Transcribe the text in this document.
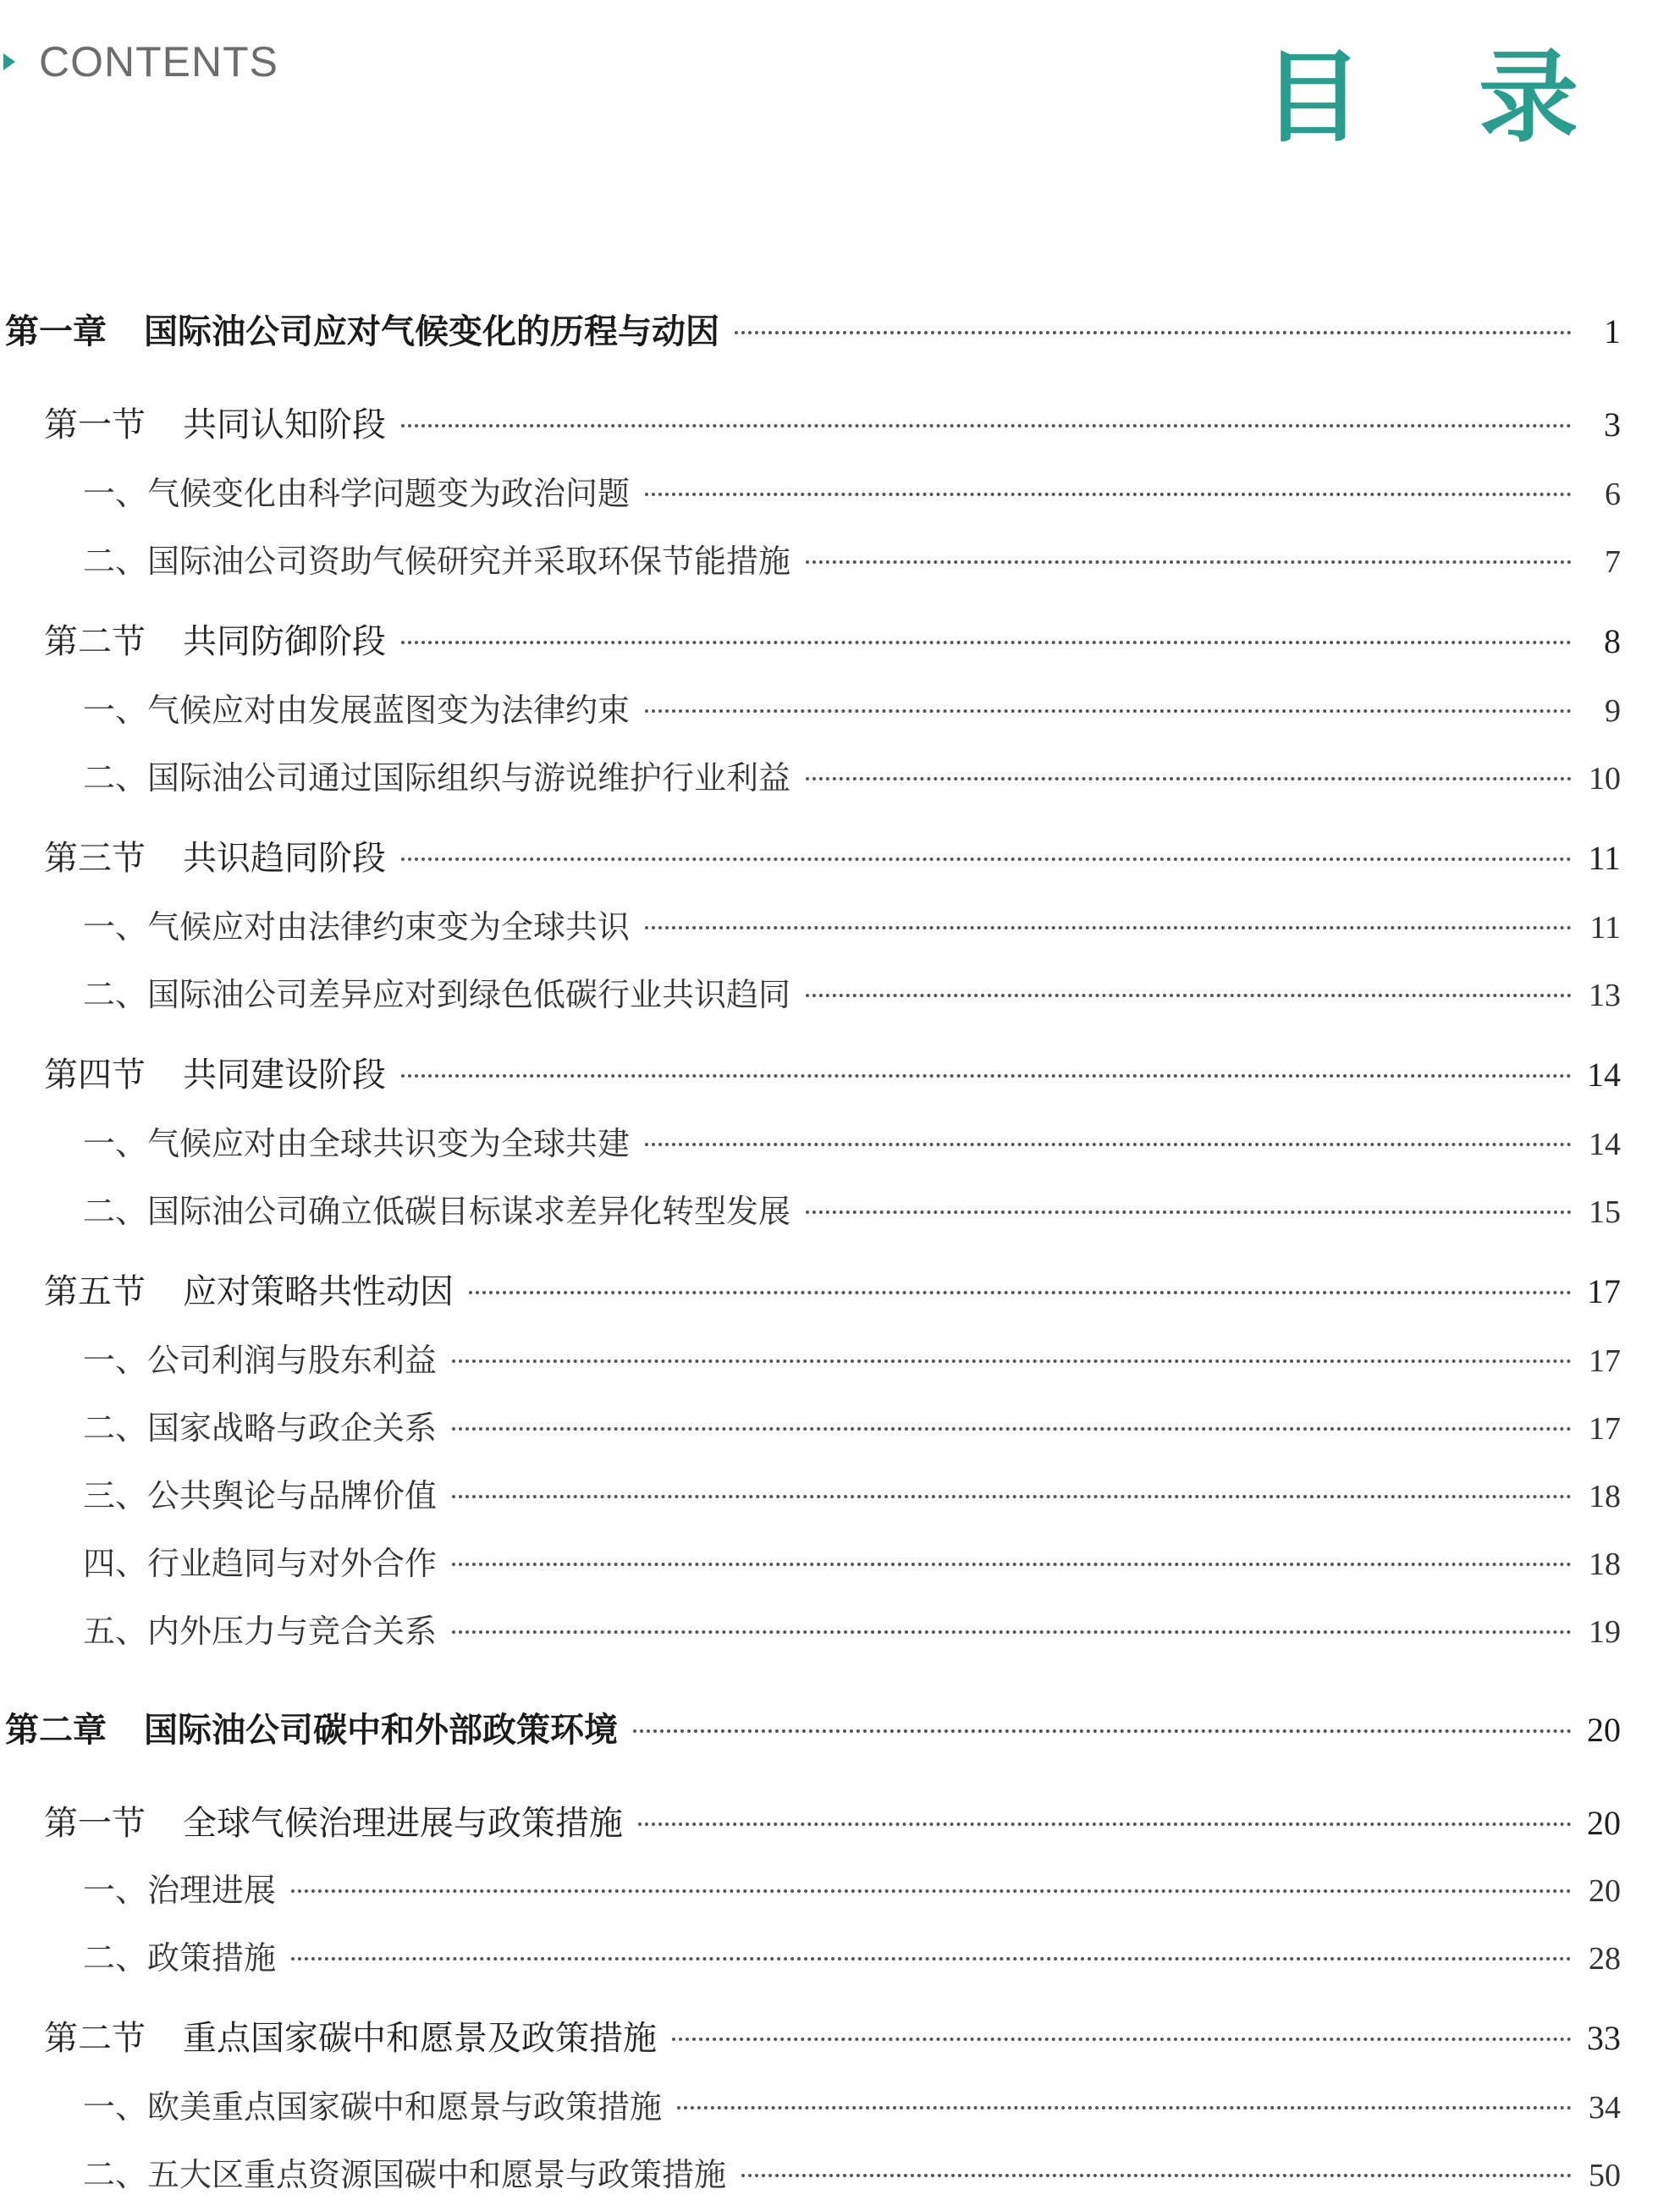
CONTENTS	目 录
第一章 国际油公司应对气候变化的历程与动因	1
第一节 共同认知阶段	3
一、气候变化由科学问题变为政治问题	6
二、国际油公司资助气候研究并采取环保节能措施	7
第二节 共同防御阶段	8
一、气候应对由发展蓝图变为法律约束	9
二、国际油公司通过国际组织与游说维护行业利益	10
第三节 共识趋同阶段	11
一、气候应对由法律约束变为全球共识	11
二、国际油公司差异应对到绿色低碳行业共识趋同	13
第四节 共同建设阶段	14
一、气候应对由全球共识变为全球共建	14
二、国际油公司确立低碳目标谋求差异化转型发展	15
第五节 应对策略共性动因	17
一、公司利润与股东利益	17
二、国家战略与政企关系	17
三、公共舆论与品牌价值	18
四、行业趋同与对外合作	18
五、内外压力与竞合关系	19
第二章 国际油公司碳中和外部政策环境	20
第一节 全球气候治理进展与政策措施	20
一、治理进展	20
二、政策措施	28
第二节 重点国家碳中和愿景及政策措施	33
一、欧美重点国家碳中和愿景与政策措施	34
二、五大区重点资源国碳中和愿景与政策措施	50
